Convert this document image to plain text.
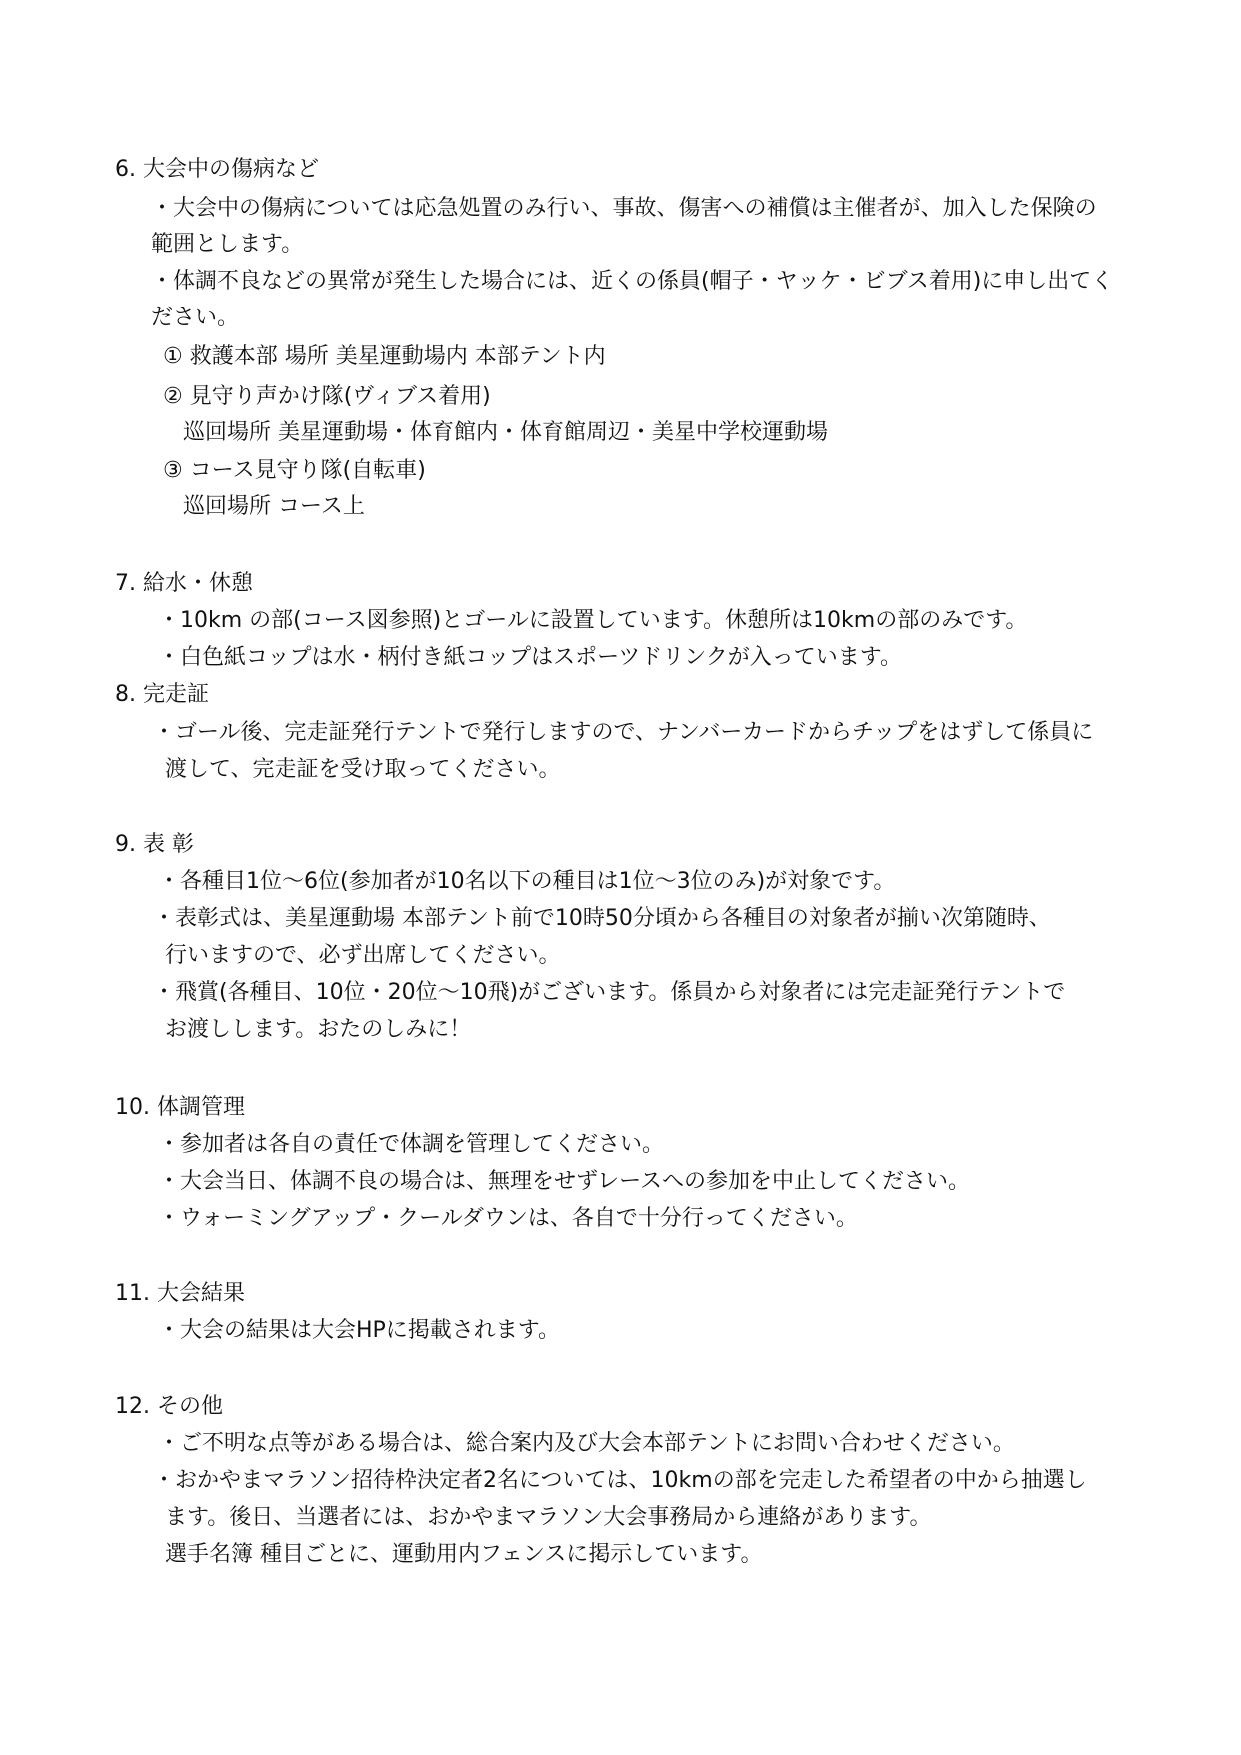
6. 大会中の傷病など
・大会中の傷病については応急処置のみ行い、事故、傷害への補償は主催者が、加入した保険の
範囲とします。
・体調不良などの異常が発生した場合には、近くの係員(帽子・ヤッケ・ビブス着用)に申し出てく
ださい。
① 救護本部 場所 美星運動場内 本部テント内
② 見守り声かけ隊(ヴィブス着用)
巡回場所 美星運動場・体育館内・体育館周辺・美星中学校運動場
③ コース見守り隊(自転車)
巡回場所 コース上
7. 給水・休憩
・10km の部(コース図参照)とゴールに設置しています。休憩所は10kmの部のみです。
・白色紙コップは水・柄付き紙コップはスポーツドリンクが入っています。
8. 完走証
・ゴール後、完走証発行テントで発行しますので、ナンバーカードからチップをはずして係員に
渡して、完走証を受け取ってください。
9. 表 彰
・各種目1位～6位(参加者が10名以下の種目は1位～3位のみ)が対象です。
・表彰式は、美星運動場 本部テント前で10時50分頃から各種目の対象者が揃い次第随時、
行いますので、必ず出席してください。
・飛賞(各種目、10位・20位～10飛)がございます。係員から対象者には完走証発行テントで
お渡しします。おたのしみに！
10. 体調管理
・参加者は各自の責任で体調を管理してください。
・大会当日、体調不良の場合は、無理をせずレースへの参加を中止してください。
・ウォーミングアップ・クールダウンは、各自で十分行ってください。
11. 大会結果
・大会の結果は大会HPに掲載されます。
12. その他
・ご不明な点等がある場合は、総合案内及び大会本部テントにお問い合わせください。
・おかやまマラソン招待枠決定者2名については、10kmの部を完走した希望者の中から抽選し
ます。後日、当選者には、おかやまマラソン大会事務局から連絡があります。
選手名簿 種目ごとに、運動用内フェンスに掲示しています。
